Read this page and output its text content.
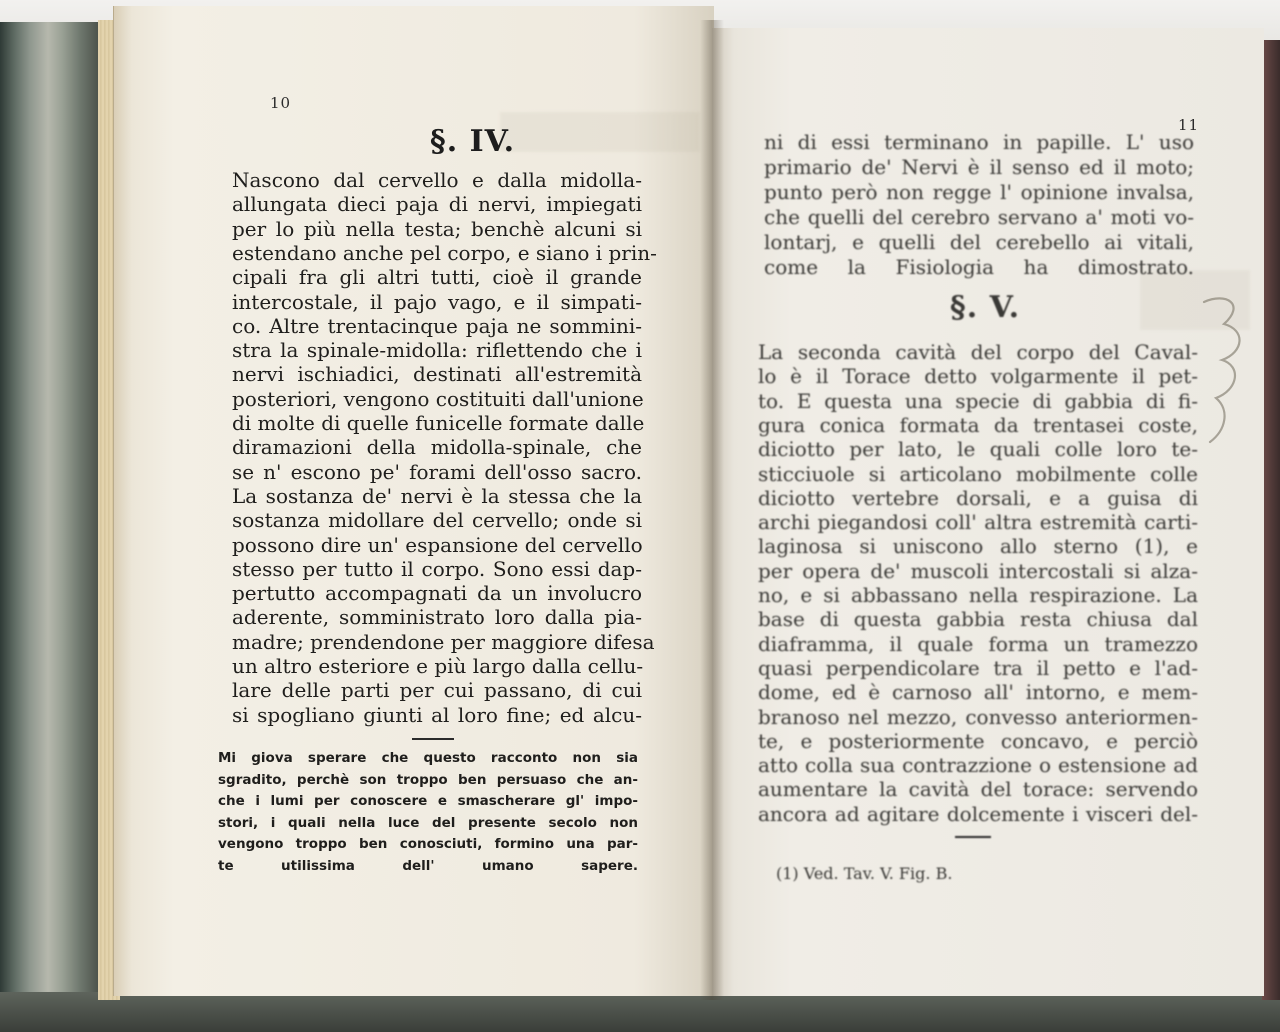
10
§. IV.
Nascono dal cervello e dalla midolla-
allungata dieci paja di nervi, impiegati
per lo più nella testa; benchè alcuni si
estendano anche pel corpo, e siano i prin-
cipali fra gli altri tutti, cioè il grande
intercostale, il pajo vago, e il simpati-
co. Altre trentacinque paja ne sommini-
stra la spinale-midolla: riflettendo che i
nervi ischiadici, destinati all'estremità
posteriori, vengono costituiti dall'unione
di molte di quelle funicelle formate dalle
diramazioni della midolla-spinale, che
se n' escono pe' forami dell'osso sacro.
La sostanza de' nervi è la stessa che la
sostanza midollare del cervello; onde si
possono dire un' espansione del cervello
stesso per tutto il corpo. Sono essi dap-
pertutto accompagnati da un involucro
aderente, somministrato loro dalla pia-
madre; prendendone per maggiore difesa
un altro esteriore e più largo dalla cellu-
lare delle parti per cui passano, di cui
si spogliano giunti al loro fine; ed alcu-
Mi giova sperare che questo racconto non sia
sgradito, perchè son troppo ben persuaso che an-
che i lumi per conoscere e smascherare gl' impo-
stori, i quali nella luce del presente secolo non
vengono troppo ben conosciuti, formino una par-
te utilissima dell' umano sapere.
11
ni di essi terminano in papille. L' uso
primario de' Nervi è il senso ed il moto;
punto però non regge l' opinione invalsa,
che quelli del cerebro servano a' moti vo-
lontarj, e quelli del cerebello ai vitali,
come la Fisiologia ha dimostrato.
§. V.
La seconda cavità del corpo del Caval-
lo è il Torace detto volgarmente il pet-
to. E questa una specie di gabbia di fi-
gura conica formata da trentasei coste,
diciotto per lato, le quali colle loro te-
sticciuole si articolano mobilmente colle
diciotto vertebre dorsali, e a guisa di
archi piegandosi coll' altra estremità carti-
laginosa si uniscono allo sterno (1), e
per opera de' muscoli intercostali si alza-
no, e si abbassano nella respirazione. La
base di questa gabbia resta chiusa dal
diaframma, il quale forma un tramezzo
quasi perpendicolare tra il petto e l'ad-
dome, ed è carnoso all' intorno, e mem-
branoso nel mezzo, convesso anteriormen-
te, e posteriormente concavo, e perciò
atto colla sua contrazzione o estensione ad
aumentare la cavità del torace: servendo
ancora ad agitare dolcemente i visceri del-
(1) Ved. Tav. V. Fig. B.
